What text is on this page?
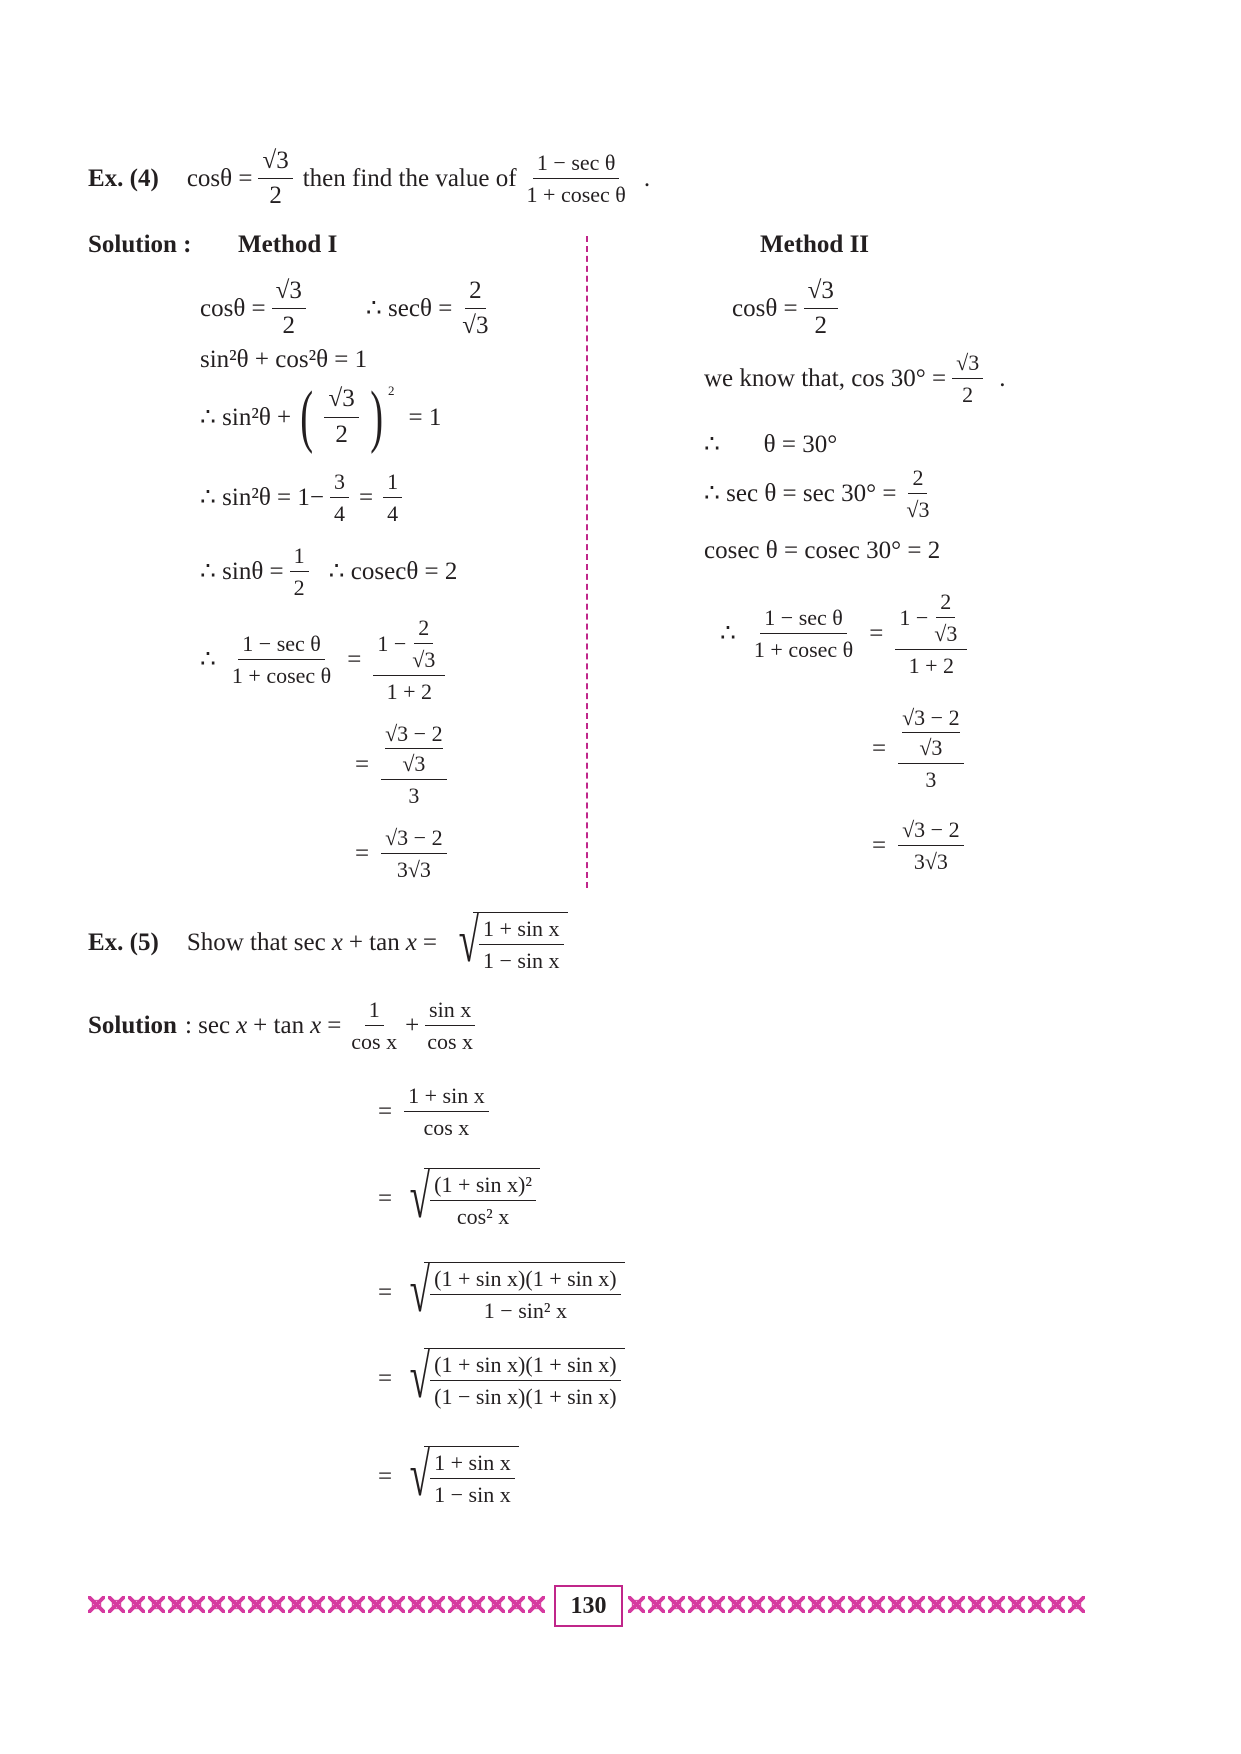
Ex. (4) $\cos\theta = \frac{√3}{2}$ then find the value of $\frac{\text{1 − sec θ}}{\text{1 + cosec θ}}$ .
Solution : Method I	Method II
$\cos\theta = \frac{√3}{2}$ ∴ $\sec\theta = \frac{2}{√3}$
sin²θ + cos²θ = 1
∴ sin²θ + ( $\frac{√3}{2}$ ) 2
= 1
∴ $\sin^2\theta = 1- \frac{3}{4} = \frac{1}{4}$
∴ $\sin\theta = \frac{1}{2}$ ∴ cosecθ = 2
∴ $\frac{\text{1 − sec θ}}{\text{1 + cosec θ}} = \frac{1 - \frac{2}{√3}}{1 + 2}$
= √3 − 2
√3
3
= $\frac{√3 - 2}{3√3}$
$\cos\theta = \frac{√3}{2}$
we know that, $\cos 30^\circ = \frac{√3}{2}$ .
∴       θ = 30°
∴ $\sec \theta = \sec 30^\circ = \frac{2}{√3}$
cosec θ = cosec 30° = 2
∴ $\frac{\text{1 − sec θ}}{\text{1 + cosec θ}} = \frac{1 - \frac{2}{√3}}{1 + 2}$
= √3 − 2
√3
3
= $\frac{√3 - 2}{3√3}$
Ex. (5) Show that sec x + tan x = √ $\frac{\text{1 + sin x}}{\text{1 − sin x}}$
Solution : $\sec x + \tan x = \frac{1}{\text{cos x}} + \frac{\text{sin x}}{\text{cos x}}$
= $\frac{\text{1 + sin x}}{\text{cos x}}$
= √ $\frac{\text{(1 + sin x)²}}{\text{cos² x}}$
= √ $\frac{\text{(1 + sin x)(1 + sin x)}}{\text{1 − sin² x}}$
= √ $\frac{\text{(1 + sin x)(1 + sin x)}}{\text{(1 − sin x)(1 + sin x)}}$
= √ $\frac{\text{1 + sin x}}{\text{1 − sin x}}$
130
